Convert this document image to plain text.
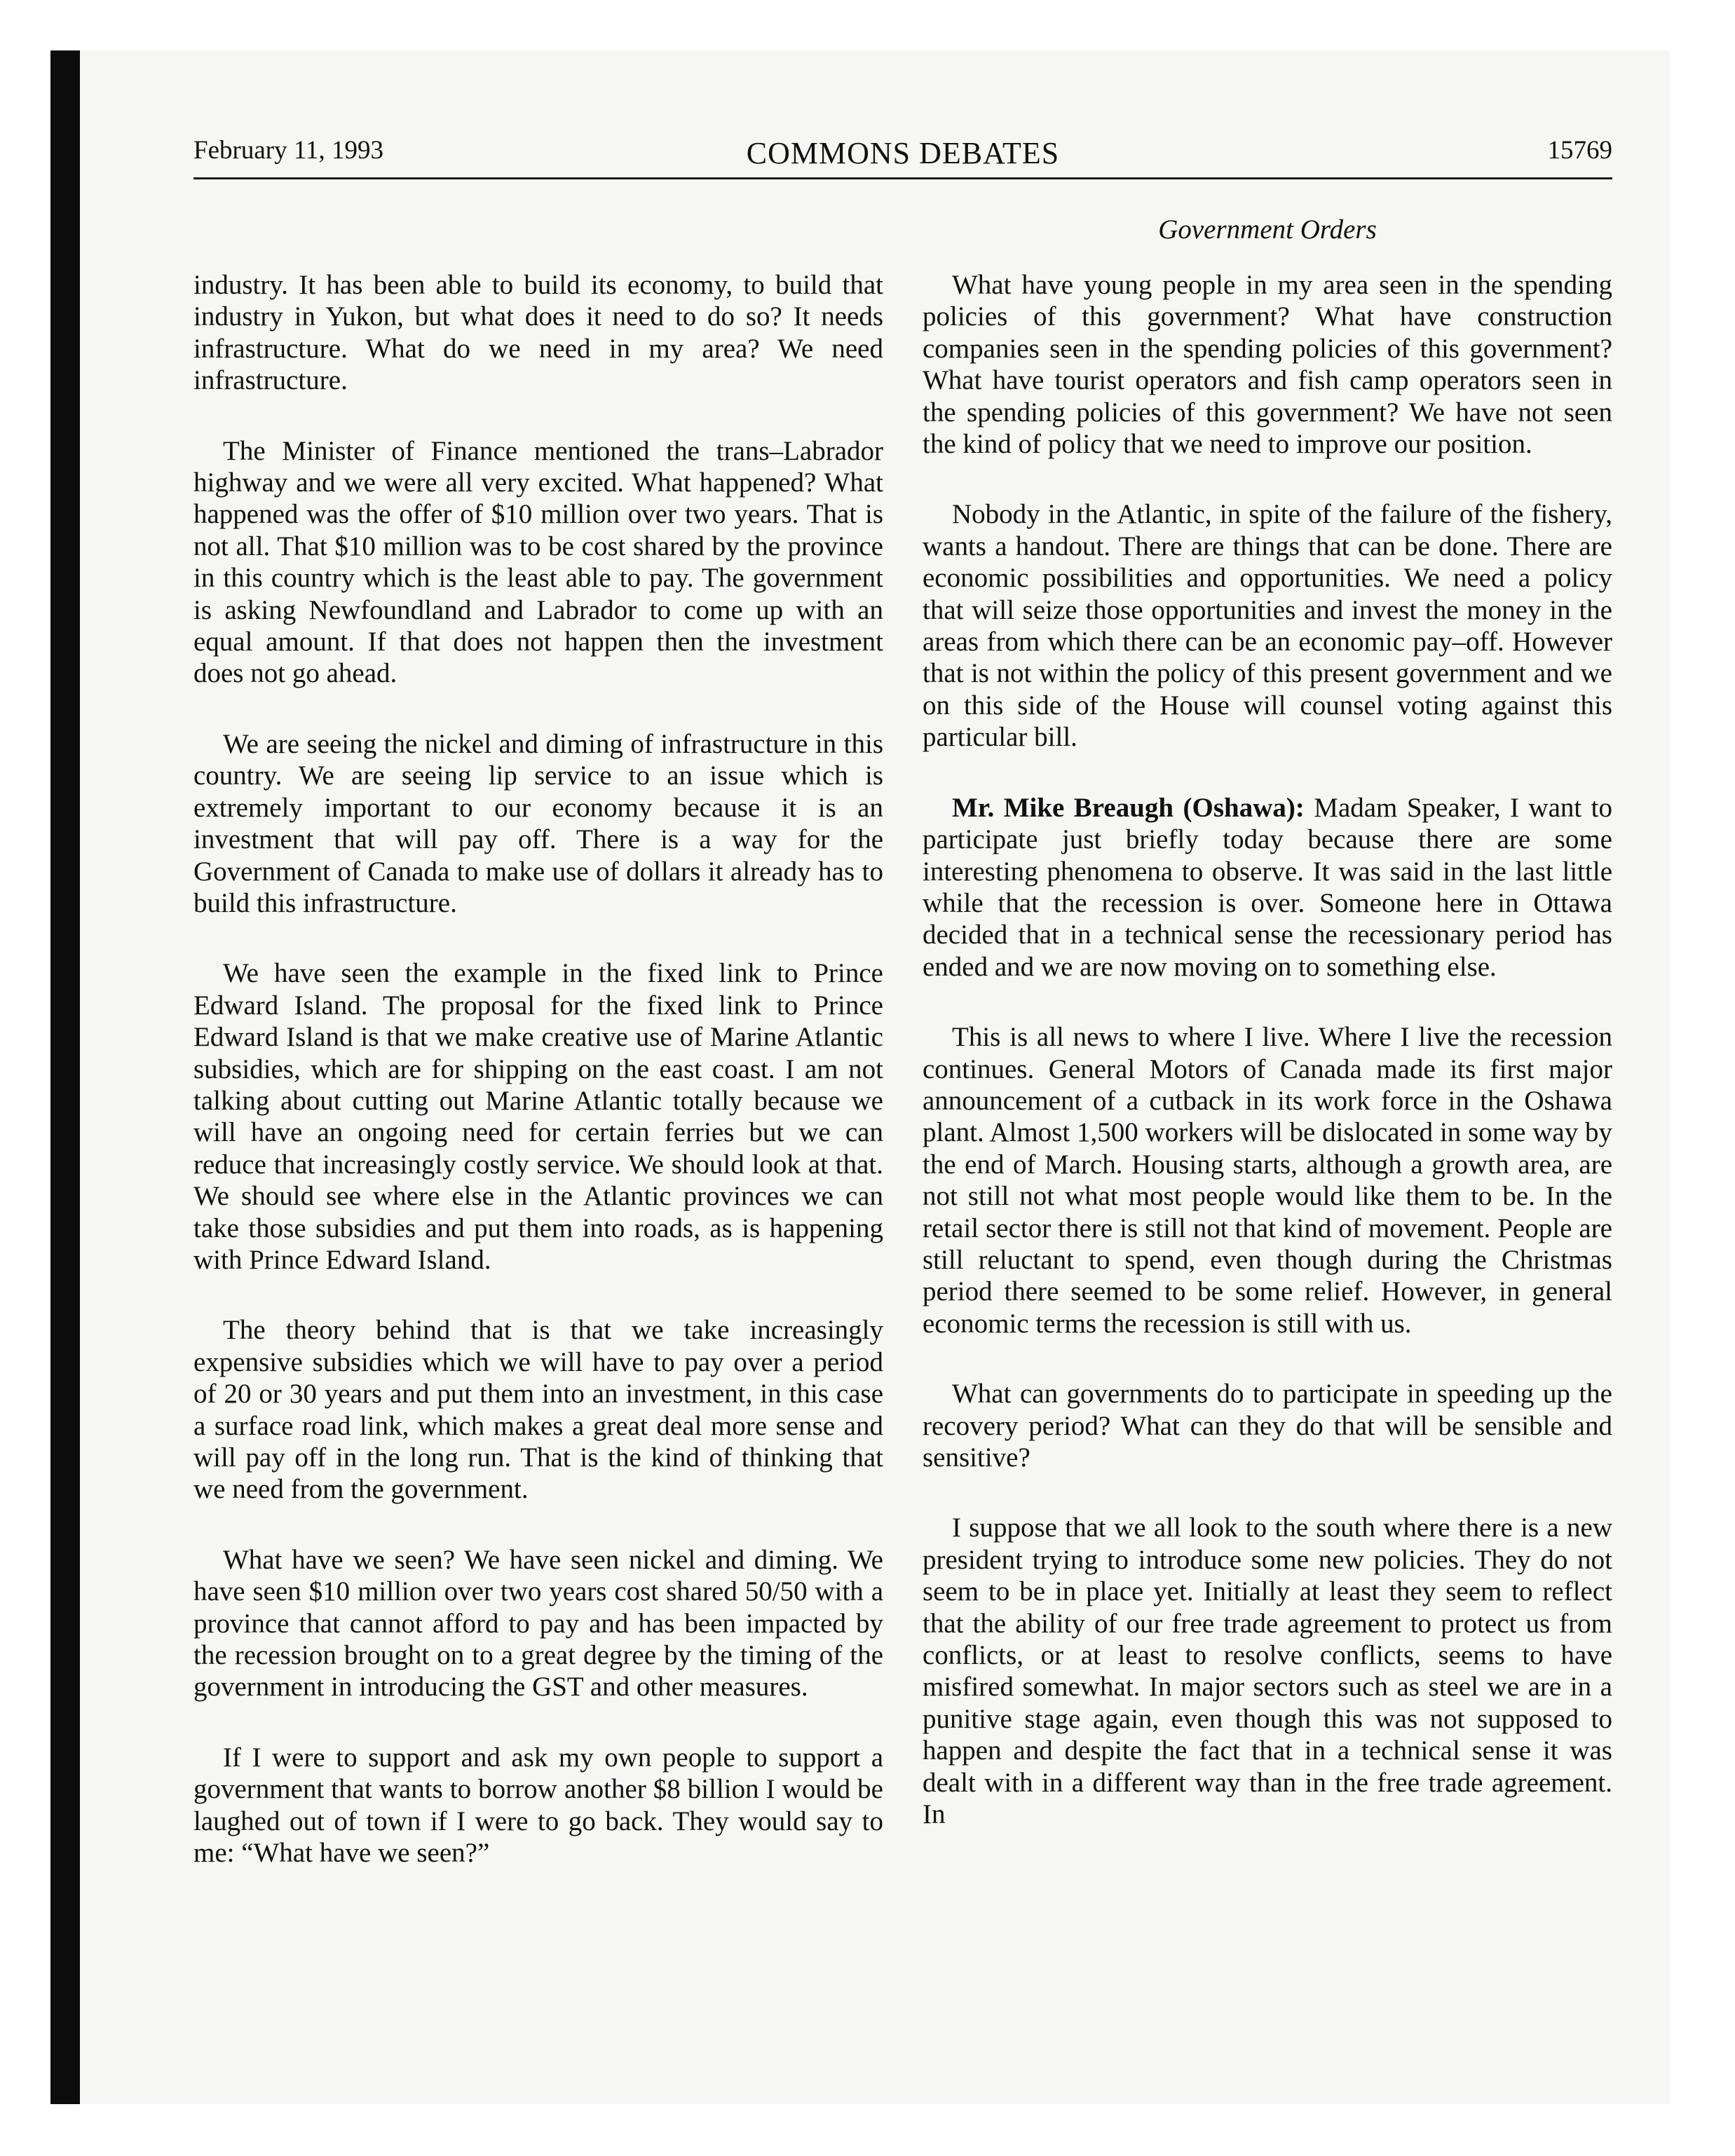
February 11, 1993	COMMONS DEBATES	15769
Government Orders

industry. It has been able to build its economy, to build that industry in Yukon, but what does it need to do so? It needs infrastructure. What do we need in my area? We need infrastructure.

The Minister of Finance mentioned the trans–Labrador highway and we were all very excited. What happened? What happened was the offer of $10 million over two years. That is not all. That $10 million was to be cost shared by the province in this country which is the least able to pay. The government is asking Newfoundland and Labrador to come up with an equal amount. If that does not happen then the investment does not go ahead.

We are seeing the nickel and diming of infrastructure in this country. We are seeing lip service to an issue which is extremely important to our economy because it is an investment that will pay off. There is a way for the Government of Canada to make use of dollars it already has to build this infrastructure.

We have seen the example in the fixed link to Prince Edward Island. The proposal for the fixed link to Prince Edward Island is that we make creative use of Marine Atlantic subsidies, which are for shipping on the east coast. I am not talking about cutting out Marine Atlantic totally because we will have an ongoing need for certain ferries but we can reduce that increasingly costly service. We should look at that. We should see where else in the Atlantic provinces we can take those subsidies and put them into roads, as is happening with Prince Edward Island.

The theory behind that is that we take increasingly expensive subsidies which we will have to pay over a period of 20 or 30 years and put them into an investment, in this case a surface road link, which makes a great deal more sense and will pay off in the long run. That is the kind of thinking that we need from the government.

What have we seen? We have seen nickel and diming. We have seen $10 million over two years cost shared 50/50 with a province that cannot afford to pay and has been impacted by the recession brought on to a great degree by the timing of the government in introducing the GST and other measures.

If I were to support and ask my own people to support a government that wants to borrow another $8 billion I would be laughed out of town if I were to go back. They would say to me: “What have we seen?”

What have young people in my area seen in the spending policies of this government? What have construction companies seen in the spending policies of this government? What have tourist operators and fish camp operators seen in the spending policies of this government? We have not seen the kind of policy that we need to improve our position.

Nobody in the Atlantic, in spite of the failure of the fishery, wants a handout. There are things that can be done. There are economic possibilities and opportunities. We need a policy that will seize those opportunities and invest the money in the areas from which there can be an economic pay–off. However that is not within the policy of this present government and we on this side of the House will counsel voting against this particular bill.

Mr. Mike Breaugh (Oshawa): Madam Speaker, I want to participate just briefly today because there are some interesting phenomena to observe. It was said in the last little while that the recession is over. Someone here in Ottawa decided that in a technical sense the recessionary period has ended and we are now moving on to something else.

This is all news to where I live. Where I live the recession continues. General Motors of Canada made its first major announcement of a cutback in its work force in the Oshawa plant. Almost 1,500 workers will be dislocated in some way by the end of March. Housing starts, although a growth area, are not still not what most people would like them to be. In the retail sector there is still not that kind of movement. People are still reluctant to spend, even though during the Christmas period there seemed to be some relief. However, in general economic terms the recession is still with us.

What can governments do to participate in speeding up the recovery period? What can they do that will be sensible and sensitive?

I suppose that we all look to the south where there is a new president trying to introduce some new policies. They do not seem to be in place yet. Initially at least they seem to reflect that the ability of our free trade agreement to protect us from conflicts, or at least to resolve conflicts, seems to have misfired somewhat. In major sectors such as steel we are in a punitive stage again, even though this was not supposed to happen and despite the fact that in a technical sense it was dealt with in a different way than in the free trade agreement. In
